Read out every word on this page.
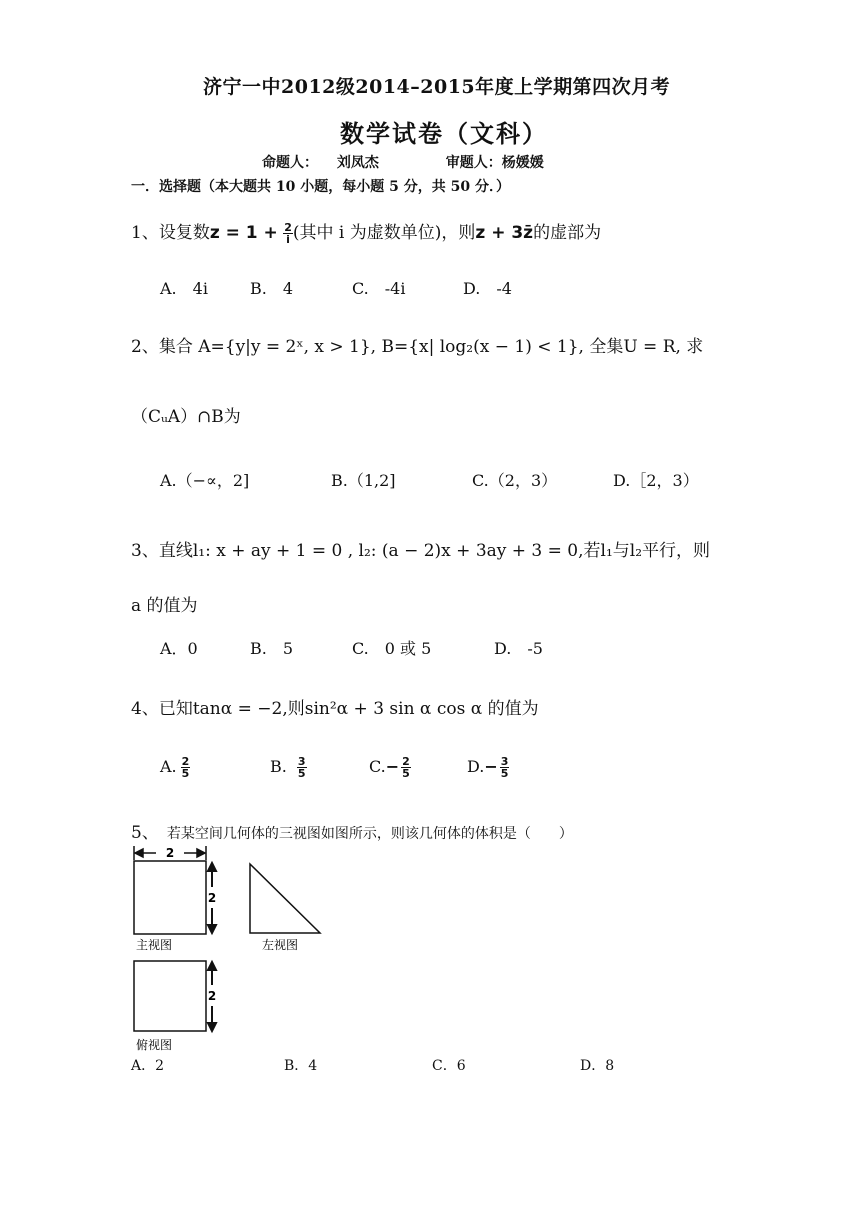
济宁一中2012级2014–2015年度上学期第四次月考
数学试卷（文科）
命题人： 刘凤杰	审题人：杨媛媛
一．选择题（本大题共 10 小题，每小题 5 分，共 50 分．）
1、设复数$z = 1 + \frac{2}{i}$ (其中 i 为虚数单位)，则z + 3z̄的虚部为
A.　4i	B.　4	C.　-4i	D.　-4
2、集合 A={y|y = 2ˣ, x > 1}, B={x| log₂(x − 1) < 1}, 全集U = R, 求
（CᵤA）∩B为
A.（−∝，2]	B.（1,2]	C.（2，3）	D.［2，3）
3、直线l₁: x + ay + 1 = 0 , l₂: (a − 2)x + 3ay + 3 = 0,若l₁与l₂平行，则
a 的值为
A．0	B.　5	C.　0 或 5	D.　-5
4、已知tanα = −2,则sin²α + 3 sin α cos α 的值为
A. $\frac{2}{5}$	B. $\frac{3}{5}$	$C.- \frac{2}{5}$	$D.- \frac{3}{5}$
5、 若某空间几何体的三视图如图所示，则该几何体的体积是（　　）
2
2
主视图	左视图
2
俯视图
A．2	B．4	C．6	D．8
